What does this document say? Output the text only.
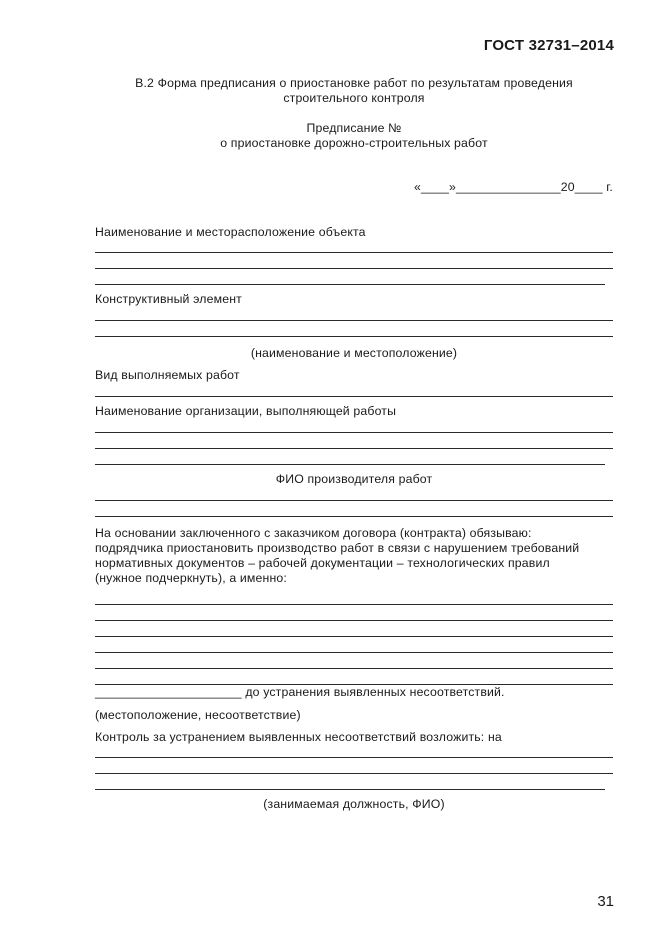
ГОСТ 32731–2014
В.2 Форма предписания о приостановке работ по результатам проведения
строительного контроля
Предписание №
о приостановке дорожно-строительных работ
«____»_______________20____ г.
Наименование и месторасположение объекта
Конструктивный элемент
(наименование и местоположение)
Вид выполняемых работ
Наименование организации, выполняющей работы
ФИО производителя работ
На основании заключенного с заказчиком договора (контракта) обязываю:
подрядчика приостановить производство работ в связи с нарушением требований
нормативных документов – рабочей документации – технологических правил
(нужное подчеркнуть), а именно:
_____________________ до устранения выявленных несоответствий.
(местоположение, несоответствие)
Контроль за устранением выявленных несоответствий возложить: на
(занимаемая должность, ФИО)
31
